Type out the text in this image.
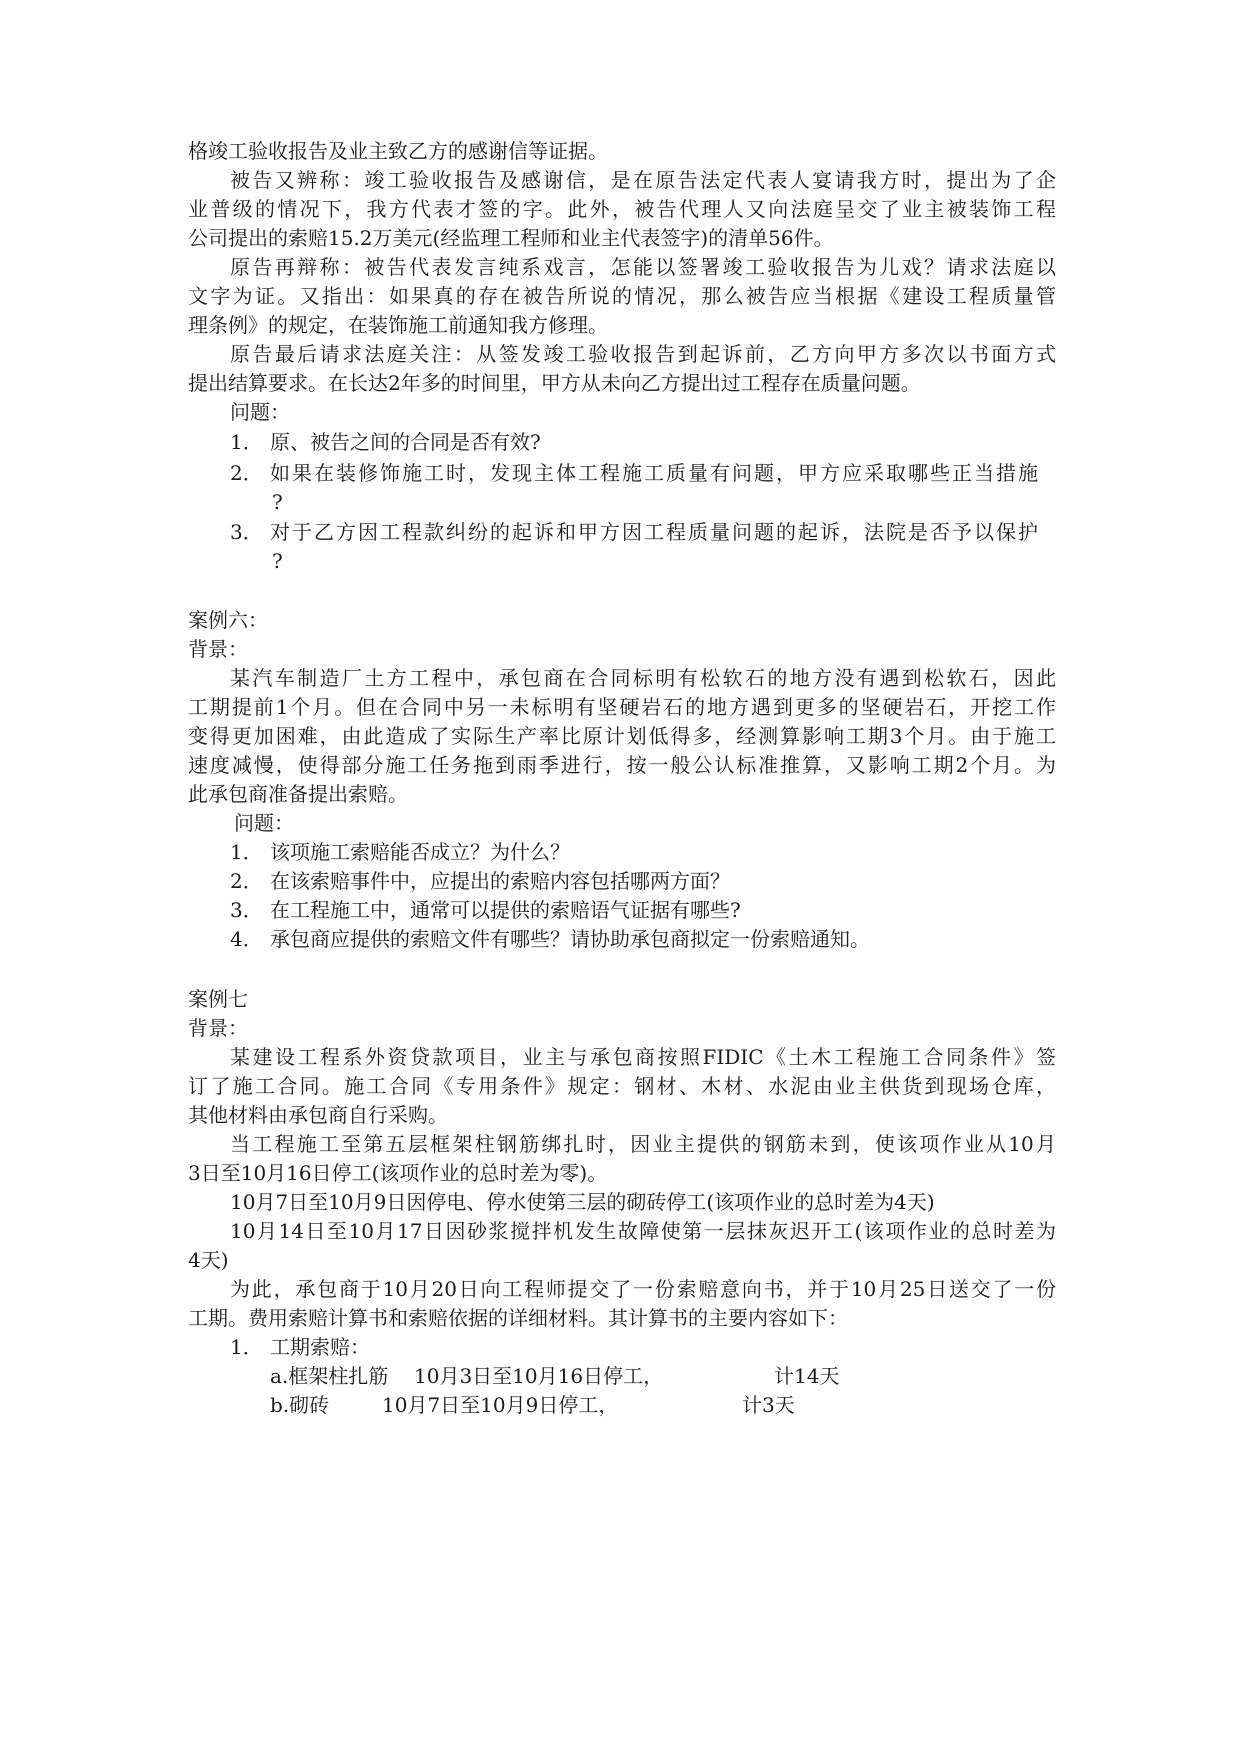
格竣工验收报告及业主致乙方的感谢信等证据。
被告又辨称：竣工验收报告及感谢信，是在原告法定代表人宴请我方时，提出为了企
业普级的情况下，我方代表才签的字。此外，被告代理人又向法庭呈交了业主被装饰工程
公司提出的索赔15.2万美元(经监理工程师和业主代表签字)的清单56件。
原告再辩称：被告代表发言纯系戏言，怎能以签署竣工验收报告为儿戏？请求法庭以
文字为证。又指出：如果真的存在被告所说的情况，那么被告应当根据《建设工程质量管
理条例》的规定，在装饰施工前通知我方修理。
原告最后请求法庭关注：从签发竣工验收报告到起诉前，乙方向甲方多次以书面方式
提出结算要求。在长达2年多的时间里，甲方从未向乙方提出过工程存在质量问题。
问题：
1． 原、被告之间的合同是否有效?
2． 如果在装修饰施工时，发现主体工程施工质量有问题，甲方应采取哪些正当措施
?
3． 对于乙方因工程款纠纷的起诉和甲方因工程质量问题的起诉，法院是否予以保护
?
案例六：
背景：
某汽车制造厂土方工程中，承包商在合同标明有松软石的地方没有遇到松软石，因此
工期提前1个月。但在合同中另一未标明有坚硬岩石的地方遇到更多的坚硬岩石，开挖工作
变得更加困难，由此造成了实际生产率比原计划低得多，经测算影响工期3个月。由于施工
速度减慢，使得部分施工任务拖到雨季进行，按一般公认标准推算，又影响工期2个月。为
此承包商准备提出索赔。
问题：
1． 该项施工索赔能否成立？为什么？
2． 在该索赔事件中，应提出的索赔内容包括哪两方面？
3． 在工程施工中，通常可以提供的索赔语气证据有哪些?
4． 承包商应提供的索赔文件有哪些？请协助承包商拟定一份索赔通知。
案例七
背景：
某建设工程系外资贷款项目，业主与承包商按照FIDIC《土木工程施工合同条件》签
订了施工合同。施工合同《专用条件》规定：钢材、木材、水泥由业主供货到现场仓库，
其他材料由承包商自行采购。
当工程施工至第五层框架柱钢筋绑扎时，因业主提供的钢筋未到，使该项作业从10月
3日至10月16日停工(该项作业的总时差为零)。
10月7日至10月9日因停电、停水使第三层的砌砖停工(该项作业的总时差为4天)
10月14日至10月17日因砂浆搅拌机发生故障使第一层抹灰迟开工(该项作业的总时差为
4天)
为此，承包商于10月20日向工程师提交了一份索赔意向书，并于10月25日送交了一份
工期。费用索赔计算书和索赔依据的详细材料。其计算书的主要内容如下：
1． 工期索赔：
a.框架柱扎筋 10月3日至10月16日停工，	计14天
b.砌砖	10月7日至10月9日停工，	计3天
